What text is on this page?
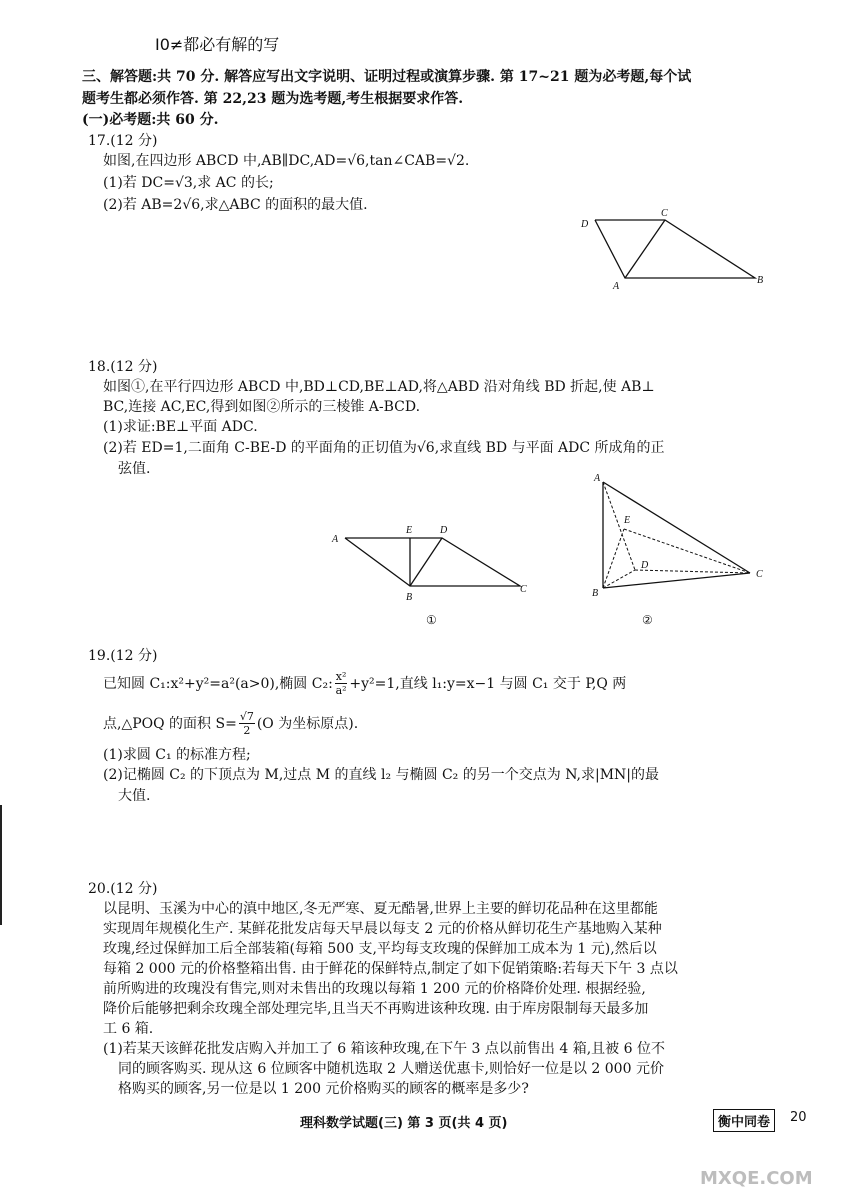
I0≠都必有解的写
三、解答题:共 70 分. 解答应写出文字说明、证明过程或演算步骤. 第 17~21 题为必考题,每个试
题考生都必须作答. 第 22,23 题为选考题,考生根据要求作答.
(一)必考题:共 60 分.
17.(12 分)
如图,在四边形 ABCD 中,AB∥DC,AD=√6,tan∠CAB=√2.
(1)若 DC=√3,求 AC 的长;
(2)若 AB=2√6,求△ABC 的面积的最大值.
D
C
A
B
18.(12 分)
如图①,在平行四边形 ABCD 中,BD⊥CD,BE⊥AD,将△ABD 沿对角线 BD 折起,使 AB⊥
BC,连接 AC,EC,得到如图②所示的三棱锥 A-BCD.
(1)求证:BE⊥平面 ADC.
(2)若 ED=1,二面角 C-BE-D 的平面角的正切值为√6,求直线 BD 与平面 ADC 所成角的正
弦值.
A
E	D
B
C
①
A
E
D
B
C
②
19.(12 分)
已知圆 C₁:x²+y²=a²(a>0),椭圆 C₂: $\frac{\text{x²}}{\text{a²}} +y^2=1$,直线 l₁:y=x−1 与圆 C₁ 交于 P,Q 两
点,△POQ 的面积 $S= \frac{√7}{2} (O$ 为坐标原点).
(1)求圆 C₁ 的标准方程;
(2)记椭圆 C₂ 的下顶点为 M,过点 M 的直线 l₂ 与椭圆 C₂ 的另一个交点为 N,求|MN|的最
大值.
20.(12 分)
以昆明、玉溪为中心的滇中地区,冬无严寒、夏无酷暑,世界上主要的鲜切花品种在这里都能
实现周年规模化生产. 某鲜花批发店每天早晨以每支 2 元的价格从鲜切花生产基地购入某种
玫瑰,经过保鲜加工后全部装箱(每箱 500 支,平均每支玫瑰的保鲜加工成本为 1 元),然后以
每箱 2 000 元的价格整箱出售. 由于鲜花的保鲜特点,制定了如下促销策略:若每天下午 3 点以
前所购进的玫瑰没有售完,则对未售出的玫瑰以每箱 1 200 元的价格降价处理. 根据经验,
降价后能够把剩余玫瑰全部处理完毕,且当天不再购进该种玫瑰. 由于库房限制每天最多加
工 6 箱.
(1)若某天该鲜花批发店购入并加工了 6 箱该种玫瑰,在下午 3 点以前售出 4 箱,且被 6 位不
同的顾客购买. 现从这 6 位顾客中随机选取 2 人赠送优惠卡,则恰好一位是以 2 000 元价
格购买的顾客,另一位是以 1 200 元价格购买的顾客的概率是多少?
理科数学试题(三) 第 3 页(共 4 页)	衡中同卷	20
MXQE.COM
